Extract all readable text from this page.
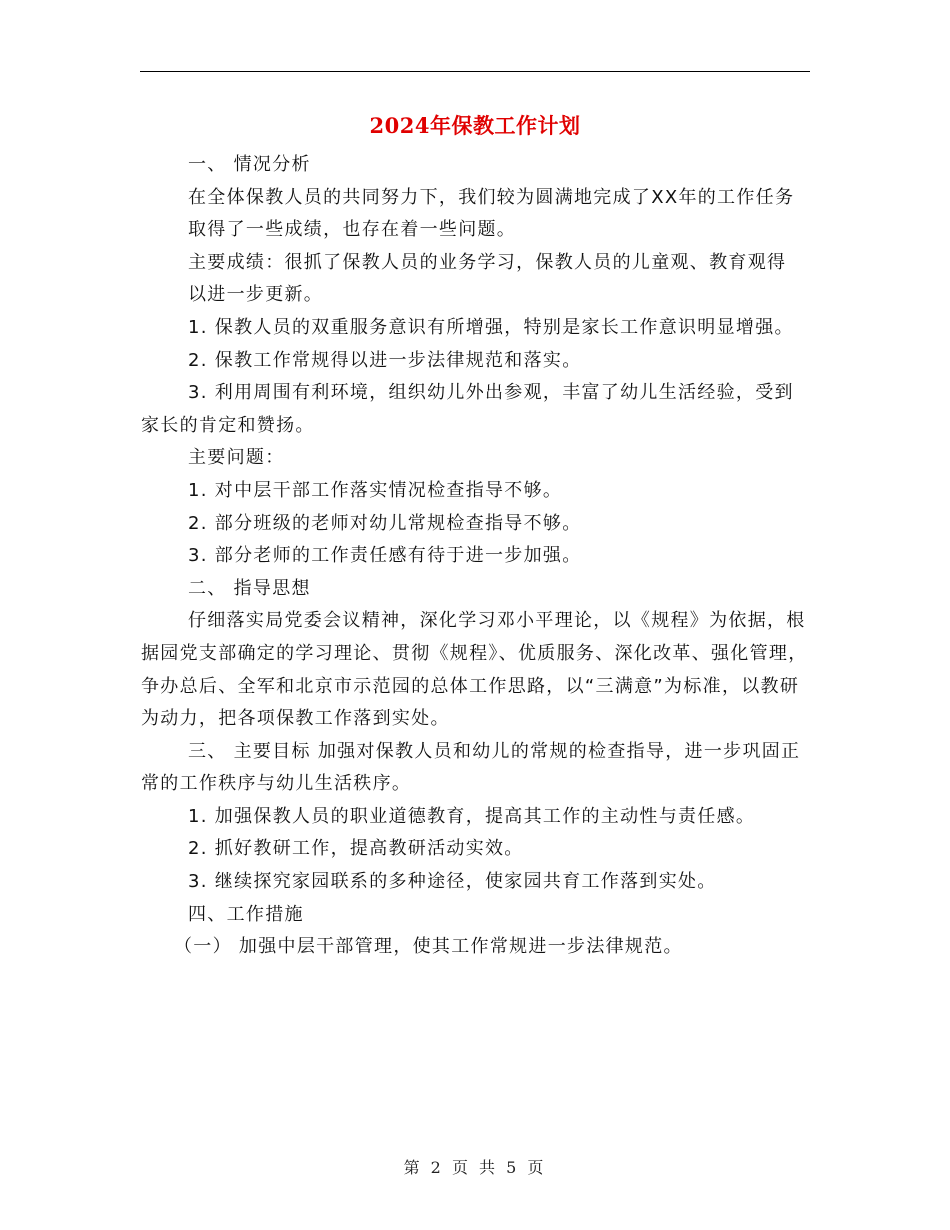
2024年保教工作计划

一、 情况分析

在全体保教人员的共同努力下，我们较为圆满地完成了XX年的工作任务

取得了一些成绩，也存在着一些问题。

主要成绩：很抓了保教人员的业务学习，保教人员的儿童观、教育观得

以进一步更新。

1. 保教人员的双重服务意识有所增强，特别是家长工作意识明显增强。

2. 保教工作常规得以进一步法律规范和落实。

3. 利用周围有利环境，组织幼儿外出参观，丰富了幼儿生活经验，受到家长的肯定和赞扬。

主要问题：

1. 对中层干部工作落实情况检查指导不够。

2. 部分班级的老师对幼儿常规检查指导不够。

3. 部分老师的工作责任感有待于进一步加强。

二、 指导思想

仔细落实局党委会议精神，深化学习邓小平理论，以《规程》为依据，根据园党支部确定的学习理论、贯彻《规程》、优质服务、深化改革、强化管理，争办总后、全军和北京市示范园的总体工作思路，以“三满意”为标准，以教研为动力，把各项保教工作落到实处。

三、 主要目标 加强对保教人员和幼儿的常规的检查指导，进一步巩固正常的工作秩序与幼儿生活秩序。

1. 加强保教人员的职业道德教育，提高其工作的主动性与责任感。

2. 抓好教研工作，提高教研活动实效。

3. 继续探究家园联系的多种途径，使家园共育工作落到实处。

四、工作措施

（一） 加强中层干部管理，使其工作常规进一步法律规范。

第 2 页 共 5 页
